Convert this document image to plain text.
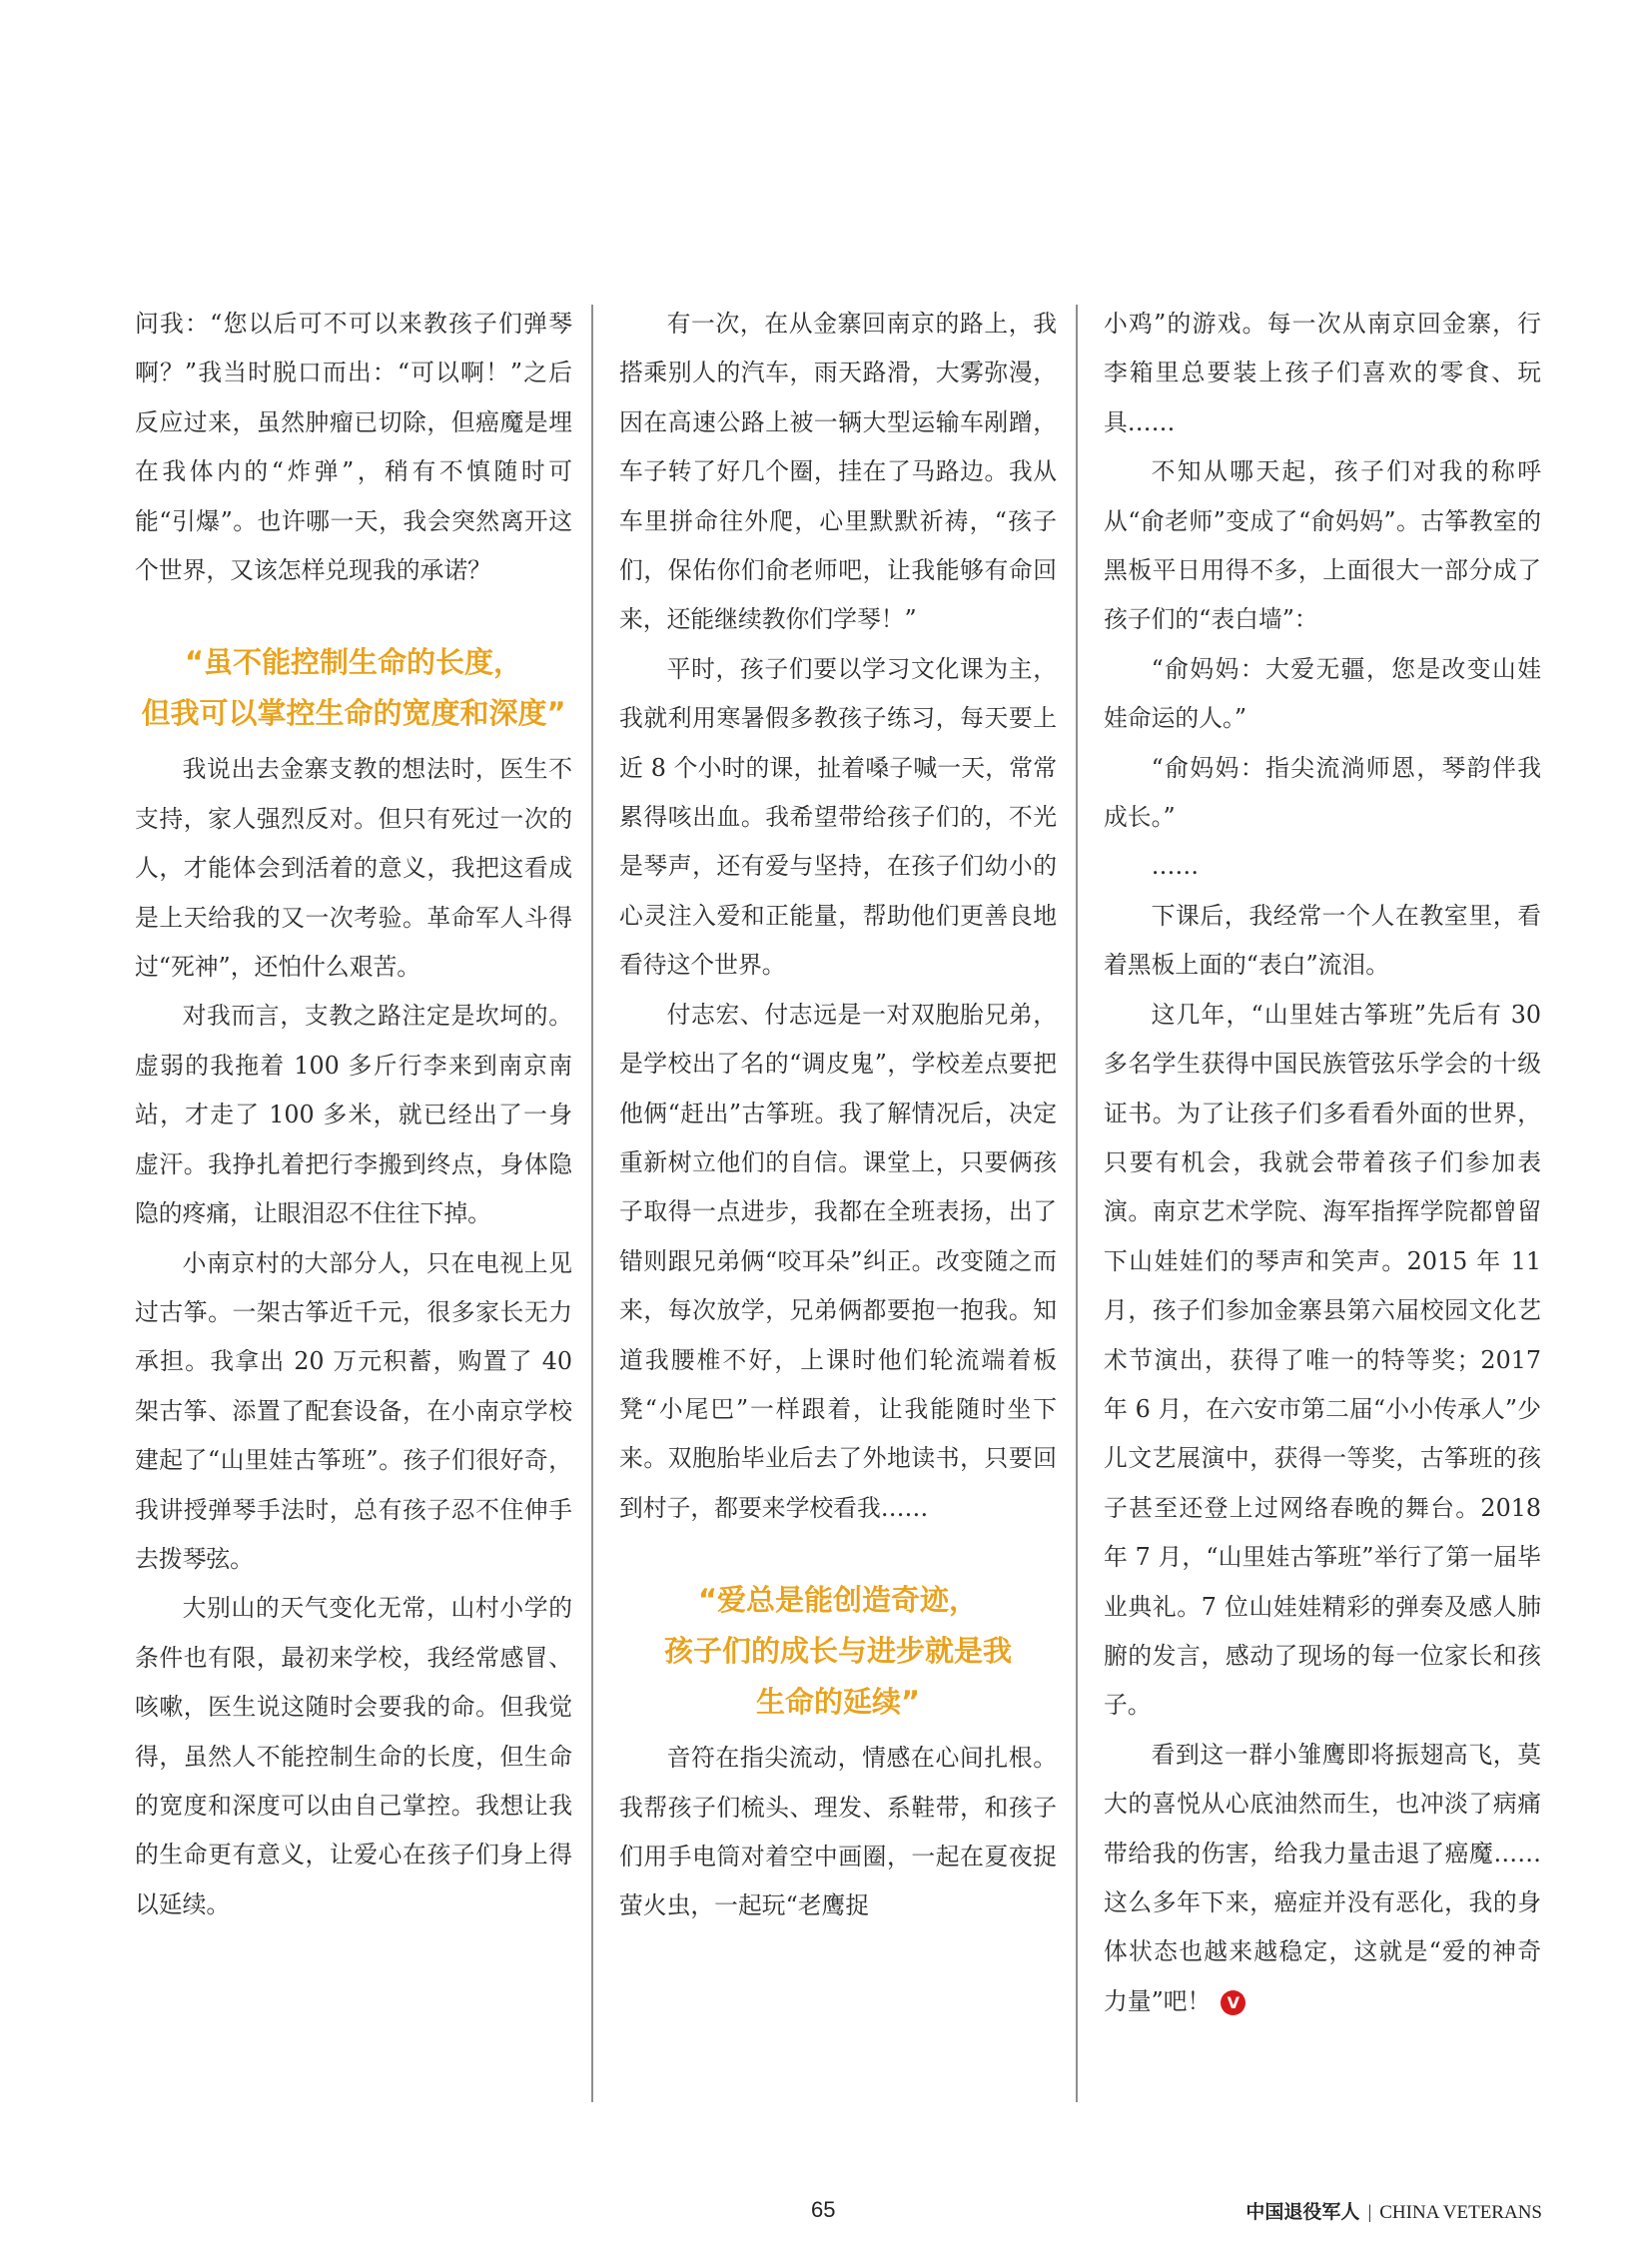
问我：“您以后可不可以来教孩子们弹琴啊？”我当时脱口而出：“可以啊！”之后反应过来，虽然肿瘤已切除，但癌魔是埋在我体内的“炸弹”，稍有不慎随时可能“引爆”。也许哪一天，我会突然离开这个世界，又该怎样兑现我的承诺？

“虽不能控制生命的长度，
但我可以掌控生命的宽度和深度”

我说出去金寨支教的想法时，医生不支持，家人强烈反对。但只有死过一次的人，才能体会到活着的意义，我把这看成是上天给我的又一次考验。革命军人斗得过“死神”，还怕什么艰苦。

对我而言，支教之路注定是坎坷的。虚弱的我拖着 100 多斤行李来到南京南站，才走了 100 多米，就已经出了一身虚汗。我挣扎着把行李搬到终点，身体隐隐的疼痛，让眼泪忍不住往下掉。

小南京村的大部分人，只在电视上见过古筝。一架古筝近千元，很多家长无力承担。我拿出 20 万元积蓄，购置了 40 架古筝、添置了配套设备，在小南京学校建起了“山里娃古筝班”。孩子们很好奇，我讲授弹琴手法时，总有孩子忍不住伸手去拨琴弦。

大别山的天气变化无常，山村小学的条件也有限，最初来学校，我经常感冒、咳嗽，医生说这随时会要我的命。但我觉得，虽然人不能控制生命的长度，但生命的宽度和深度可以由自己掌控。我想让我的生命更有意义，让爱心在孩子们身上得以延续。

有一次，在从金寨回南京的路上，我搭乘别人的汽车，雨天路滑，大雾弥漫，因在高速公路上被一辆大型运输车剐蹭，车子转了好几个圈，挂在了马路边。我从车里拼命往外爬，心里默默祈祷，“孩子们，保佑你们俞老师吧，让我能够有命回来，还能继续教你们学琴！”

平时，孩子们要以学习文化课为主，我就利用寒暑假多教孩子练习，每天要上近 8 个小时的课，扯着嗓子喊一天，常常累得咳出血。我希望带给孩子们的，不光是琴声，还有爱与坚持，在孩子们幼小的心灵注入爱和正能量，帮助他们更善良地看待这个世界。

付志宏、付志远是一对双胞胎兄弟，是学校出了名的“调皮鬼”，学校差点要把他俩“赶出”古筝班。我了解情况后，决定重新树立他们的自信。课堂上，只要俩孩子取得一点进步，我都在全班表扬，出了错则跟兄弟俩“咬耳朵”纠正。改变随之而来，每次放学，兄弟俩都要抱一抱我。知道我腰椎不好，上课时他们轮流端着板凳“小尾巴”一样跟着，让我能随时坐下来。双胞胎毕业后去了外地读书，只要回到村子，都要来学校看我……

“爱总是能创造奇迹，
孩子们的成长与进步就是我
生命的延续”

音符在指尖流动，情感在心间扎根。我帮孩子们梳头、理发、系鞋带，和孩子们用手电筒对着空中画圈，一起在夏夜捉萤火虫，一起玩“老鹰捉

小鸡”的游戏。每一次从南京回金寨，行李箱里总要装上孩子们喜欢的零食、玩具……

不知从哪天起，孩子们对我的称呼从“俞老师”变成了“俞妈妈”。古筝教室的黑板平日用得不多，上面很大一部分成了孩子们的“表白墙”：

“俞妈妈：大爱无疆，您是改变山娃娃命运的人。”

“俞妈妈：指尖流淌师恩，琴韵伴我成长。”

……

下课后，我经常一个人在教室里，看着黑板上面的“表白”流泪。

这几年，“山里娃古筝班”先后有 30 多名学生获得中国民族管弦乐学会的十级证书。为了让孩子们多看看外面的世界，只要有机会，我就会带着孩子们参加表演。南京艺术学院、海军指挥学院都曾留下山娃娃们的琴声和笑声。2015 年 11 月，孩子们参加金寨县第六届校园文化艺术节演出，获得了唯一的特等奖；2017 年 6 月，在六安市第二届“小小传承人”少儿文艺展演中，获得一等奖，古筝班的孩子甚至还登上过网络春晚的舞台。2018 年 7 月，“山里娃古筝班”举行了第一届毕业典礼。7 位山娃娃精彩的弹奏及感人肺腑的发言，感动了现场的每一位家长和孩子。

看到这一群小雏鹰即将振翅高飞，莫大的喜悦从心底油然而生，也冲淡了病痛带给我的伤害，给我力量击退了癌魔……这么多年下来，癌症并没有恶化，我的身体状态也越来越稳定，这就是“爱的神奇力量”吧！ V

65	中国退役军人 | CHINA VETERANS
